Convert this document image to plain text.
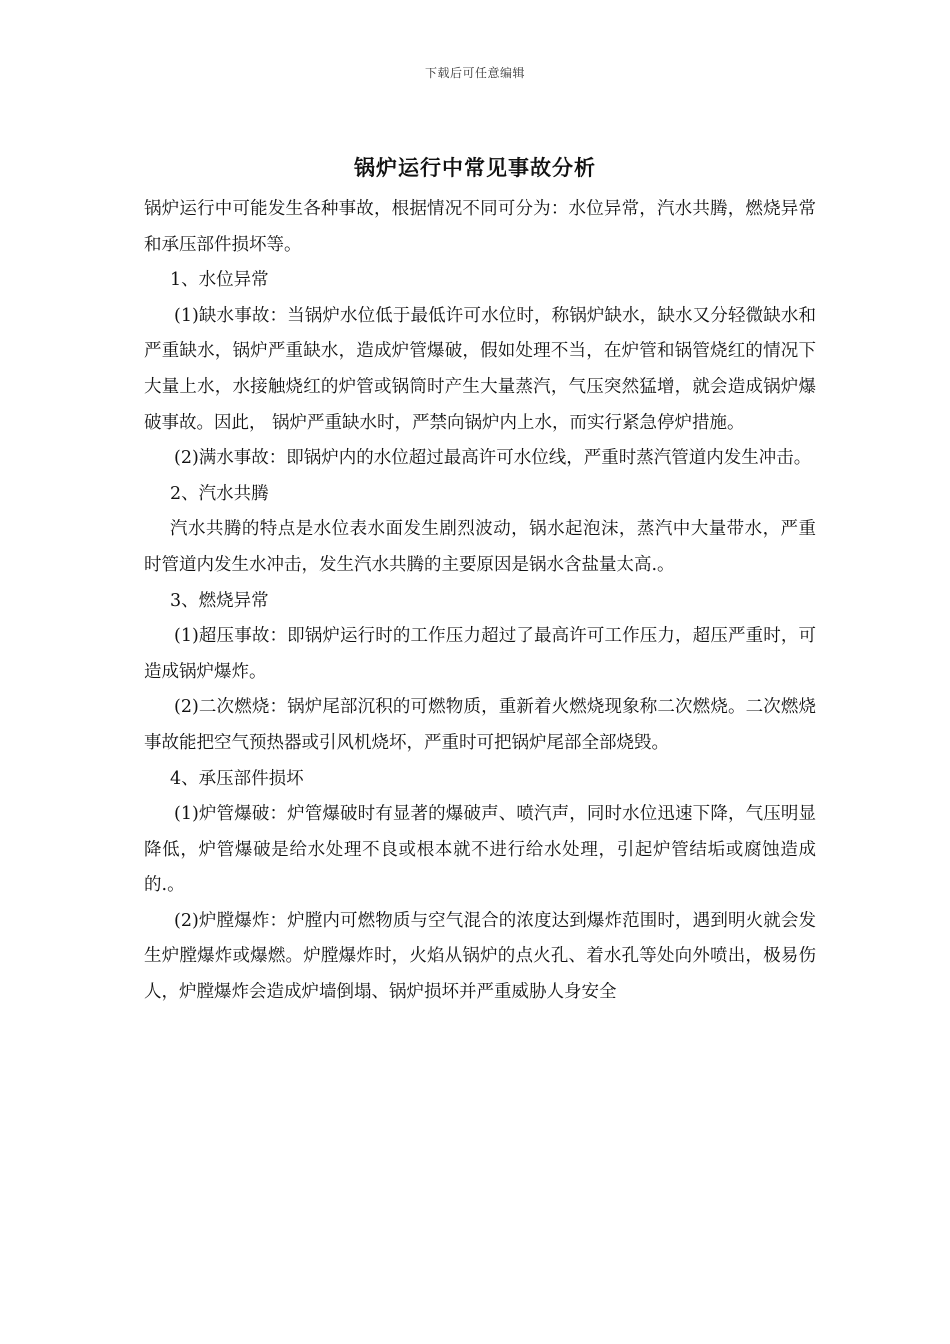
下载后可任意编辑
锅炉运行中常见事故分析

锅炉运行中可能发生各种事故，根据情况不同可分为：水位异常，汽水共腾，燃烧异常和承压部件损坏等。

1、水位异常

(1)缺水事故：当锅炉水位低于最低许可水位时，称锅炉缺水，缺水又分轻微缺水和严重缺水，锅炉严重缺水，造成炉管爆破，假如处理不当，在炉管和锅管烧红的情况下大量上水，水接触烧红的炉管或锅筒时产生大量蒸汽，气压突然猛增，就会造成锅炉爆破事故。因此， 锅炉严重缺水时，严禁向锅炉内上水，而实行紧急停炉措施。

(2)满水事故：即锅炉内的水位超过最高许可水位线，严重时蒸汽管道内发生冲击。

2、汽水共腾

汽水共腾的特点是水位表水面发生剧烈波动，锅水起泡沫，蒸汽中大量带水，严重时管道内发生水冲击，发生汽水共腾的主要原因是锅水含盐量太高.。

3、燃烧异常

(1)超压事故：即锅炉运行时的工作压力超过了最高许可工作压力，超压严重时，可造成锅炉爆炸。

(2)二次燃烧：锅炉尾部沉积的可燃物质，重新着火燃烧现象称二次燃烧。二次燃烧事故能把空气预热器或引风机烧坏，严重时可把锅炉尾部全部烧毁。

4、承压部件损坏

(1)炉管爆破：炉管爆破时有显著的爆破声、喷汽声，同时水位迅速下降，气压明显降低，炉管爆破是给水处理不良或根本就不进行给水处理，引起炉管结垢或腐蚀造成的.。

(2)炉膛爆炸：炉膛内可燃物质与空气混合的浓度达到爆炸范围时，遇到明火就会发生炉膛爆炸或爆燃。炉膛爆炸时，火焰从锅炉的点火孔、着水孔等处向外喷出，极易伤人，炉膛爆炸会造成炉墙倒塌、锅炉损坏并严重威胁人身安全
